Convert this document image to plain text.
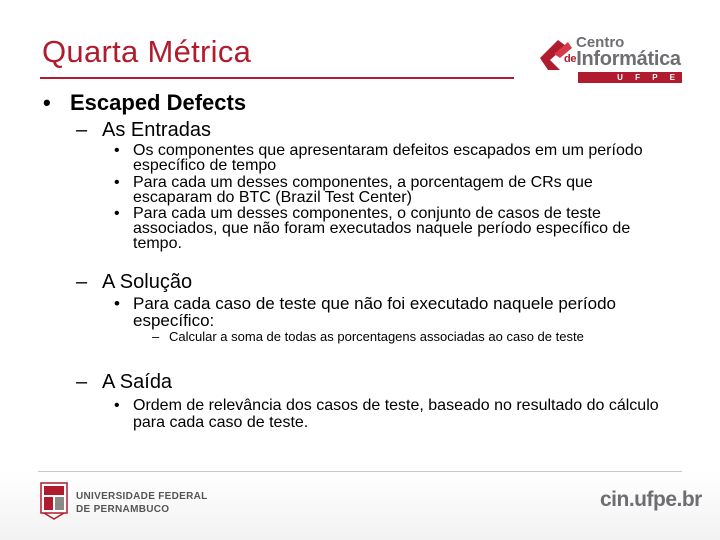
Quarta Métrica	Centro
deInformática
U F P E
• Escaped Defects
– As Entradas
• Os componentes que apresentaram defeitos escapados em um período específico de tempo
• Para cada um desses componentes, a porcentagem de CRs que escaparam do BTC (Brazil Test Center)
• Para cada um desses componentes, o conjunto de casos de teste associados, que não foram executados naquele período específico de tempo.
– A Solução
• Para cada caso de teste que não foi executado naquele período específico:
– Calcular a soma de todas as porcentagens associadas ao caso de teste
– A Saída
• Ordem de relevância dos casos de teste, baseado no resultado do cálculo para cada caso de teste.
UNIVERSIDADE FEDERAL
DE PERNAMBUCO	cin.ufpe.br
